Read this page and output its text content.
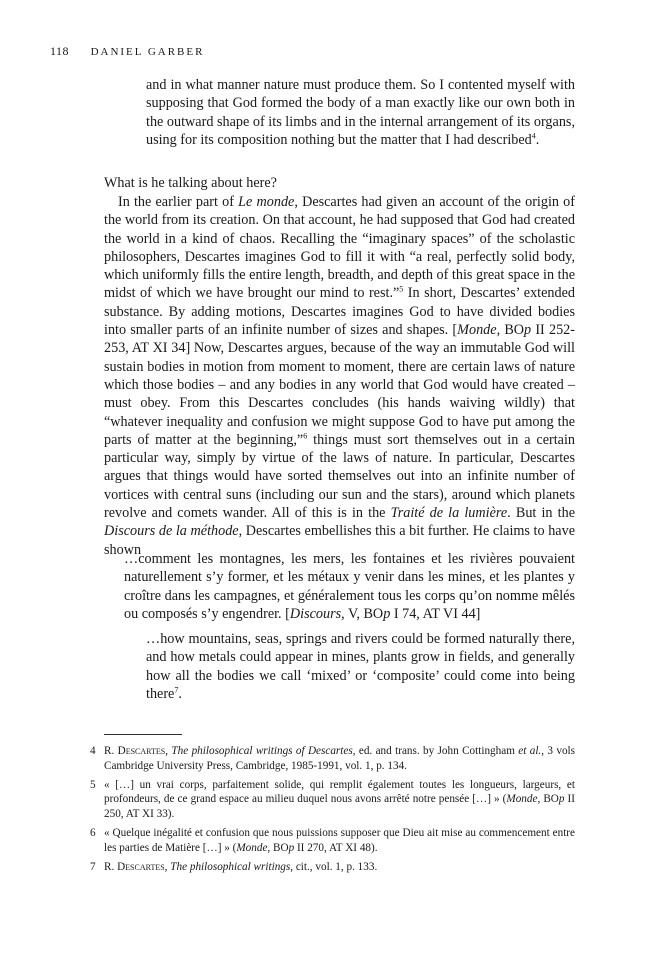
118 DANIEL GARBER
and in what manner nature must produce them. So I contented myself with supposing that God formed the body of a man exactly like our own both in the outward shape of its limbs and in the internal arrangement of its organs, using for its composition nothing but the matter that I had described$^4$.
What is he talking about here?
In the earlier part of Le monde, Descartes had given an account of the origin of the world from its creation. On that account, he had supposed that God had created the world in a kind of chaos. Recalling the “imaginary spaces” of the scholastic philosophers, Descartes imagines God to fill it with “a real, perfectly solid body, which uniformly fills the entire length, breadth, and depth of this great space in the midst of which we have brought our mind to rest.”$^5$ In short, Descartes’ extended substance. By adding motions, Descartes imagines God to have divided bodies into smaller parts of an infinite number of sizes and shapes. [Monde, BOp II 252-253, AT XI 34] Now, Descartes argues, because of the way an immutable God will sustain bodies in motion from moment to moment, there are certain laws of nature which those bodies – and any bodies in any world that God would have created – must obey. From this Descartes concludes (his hands waiving wildly) that “whatever inequality and confusion we might suppose God to have put among the parts of matter at the beginning,”$^6$ things must sort themselves out in a certain particular way, simply by virtue of the laws of nature. In particular, Descartes argues that things would have sorted themselves out into an infinite number of vortices with central suns (including our sun and the stars), around which planets revolve and comets wander. All of this is in the Traité de la lumière. But in the Discours de la méthode, Descartes embellishes this a bit further. He claims to have shown
…comment les montagnes, les mers, les fontaines et les rivières pouvaient naturellement s’y former, et les métaux y venir dans les mines, et les plantes y croître dans les campagnes, et généralement tous les corps qu’on nomme mêlés ou composés s’y engendrer. [Discours, V, BOp I 74, AT VI 44]
…how mountains, seas, springs and rivers could be formed naturally there, and how metals could appear in mines, plants grow in fields, and generally how all the bodies we call ‘mixed’ or ‘composite’ could come into being there$^7$.
4 R. Descartes, The philosophical writings of Descartes, ed. and trans. by John Cottingham et al., 3 vols Cambridge University Press, Cambridge, 1985-1991, vol. 1, p. 134.
5 « […] un vrai corps, parfaitement solide, qui remplit également toutes les longueurs, largeurs, et profondeurs, de ce grand espace au milieu duquel nous avons arrêté notre pensée […] » (Monde, BOp II 250, AT XI 33).
6 « Quelque inégalité et confusion que nous puissions supposer que Dieu ait mise au commencement entre les parties de Matière […] » (Monde, BOp II 270, AT XI 48).
7 R. Descartes, The philosophical writings, cit., vol. 1, p. 133.
